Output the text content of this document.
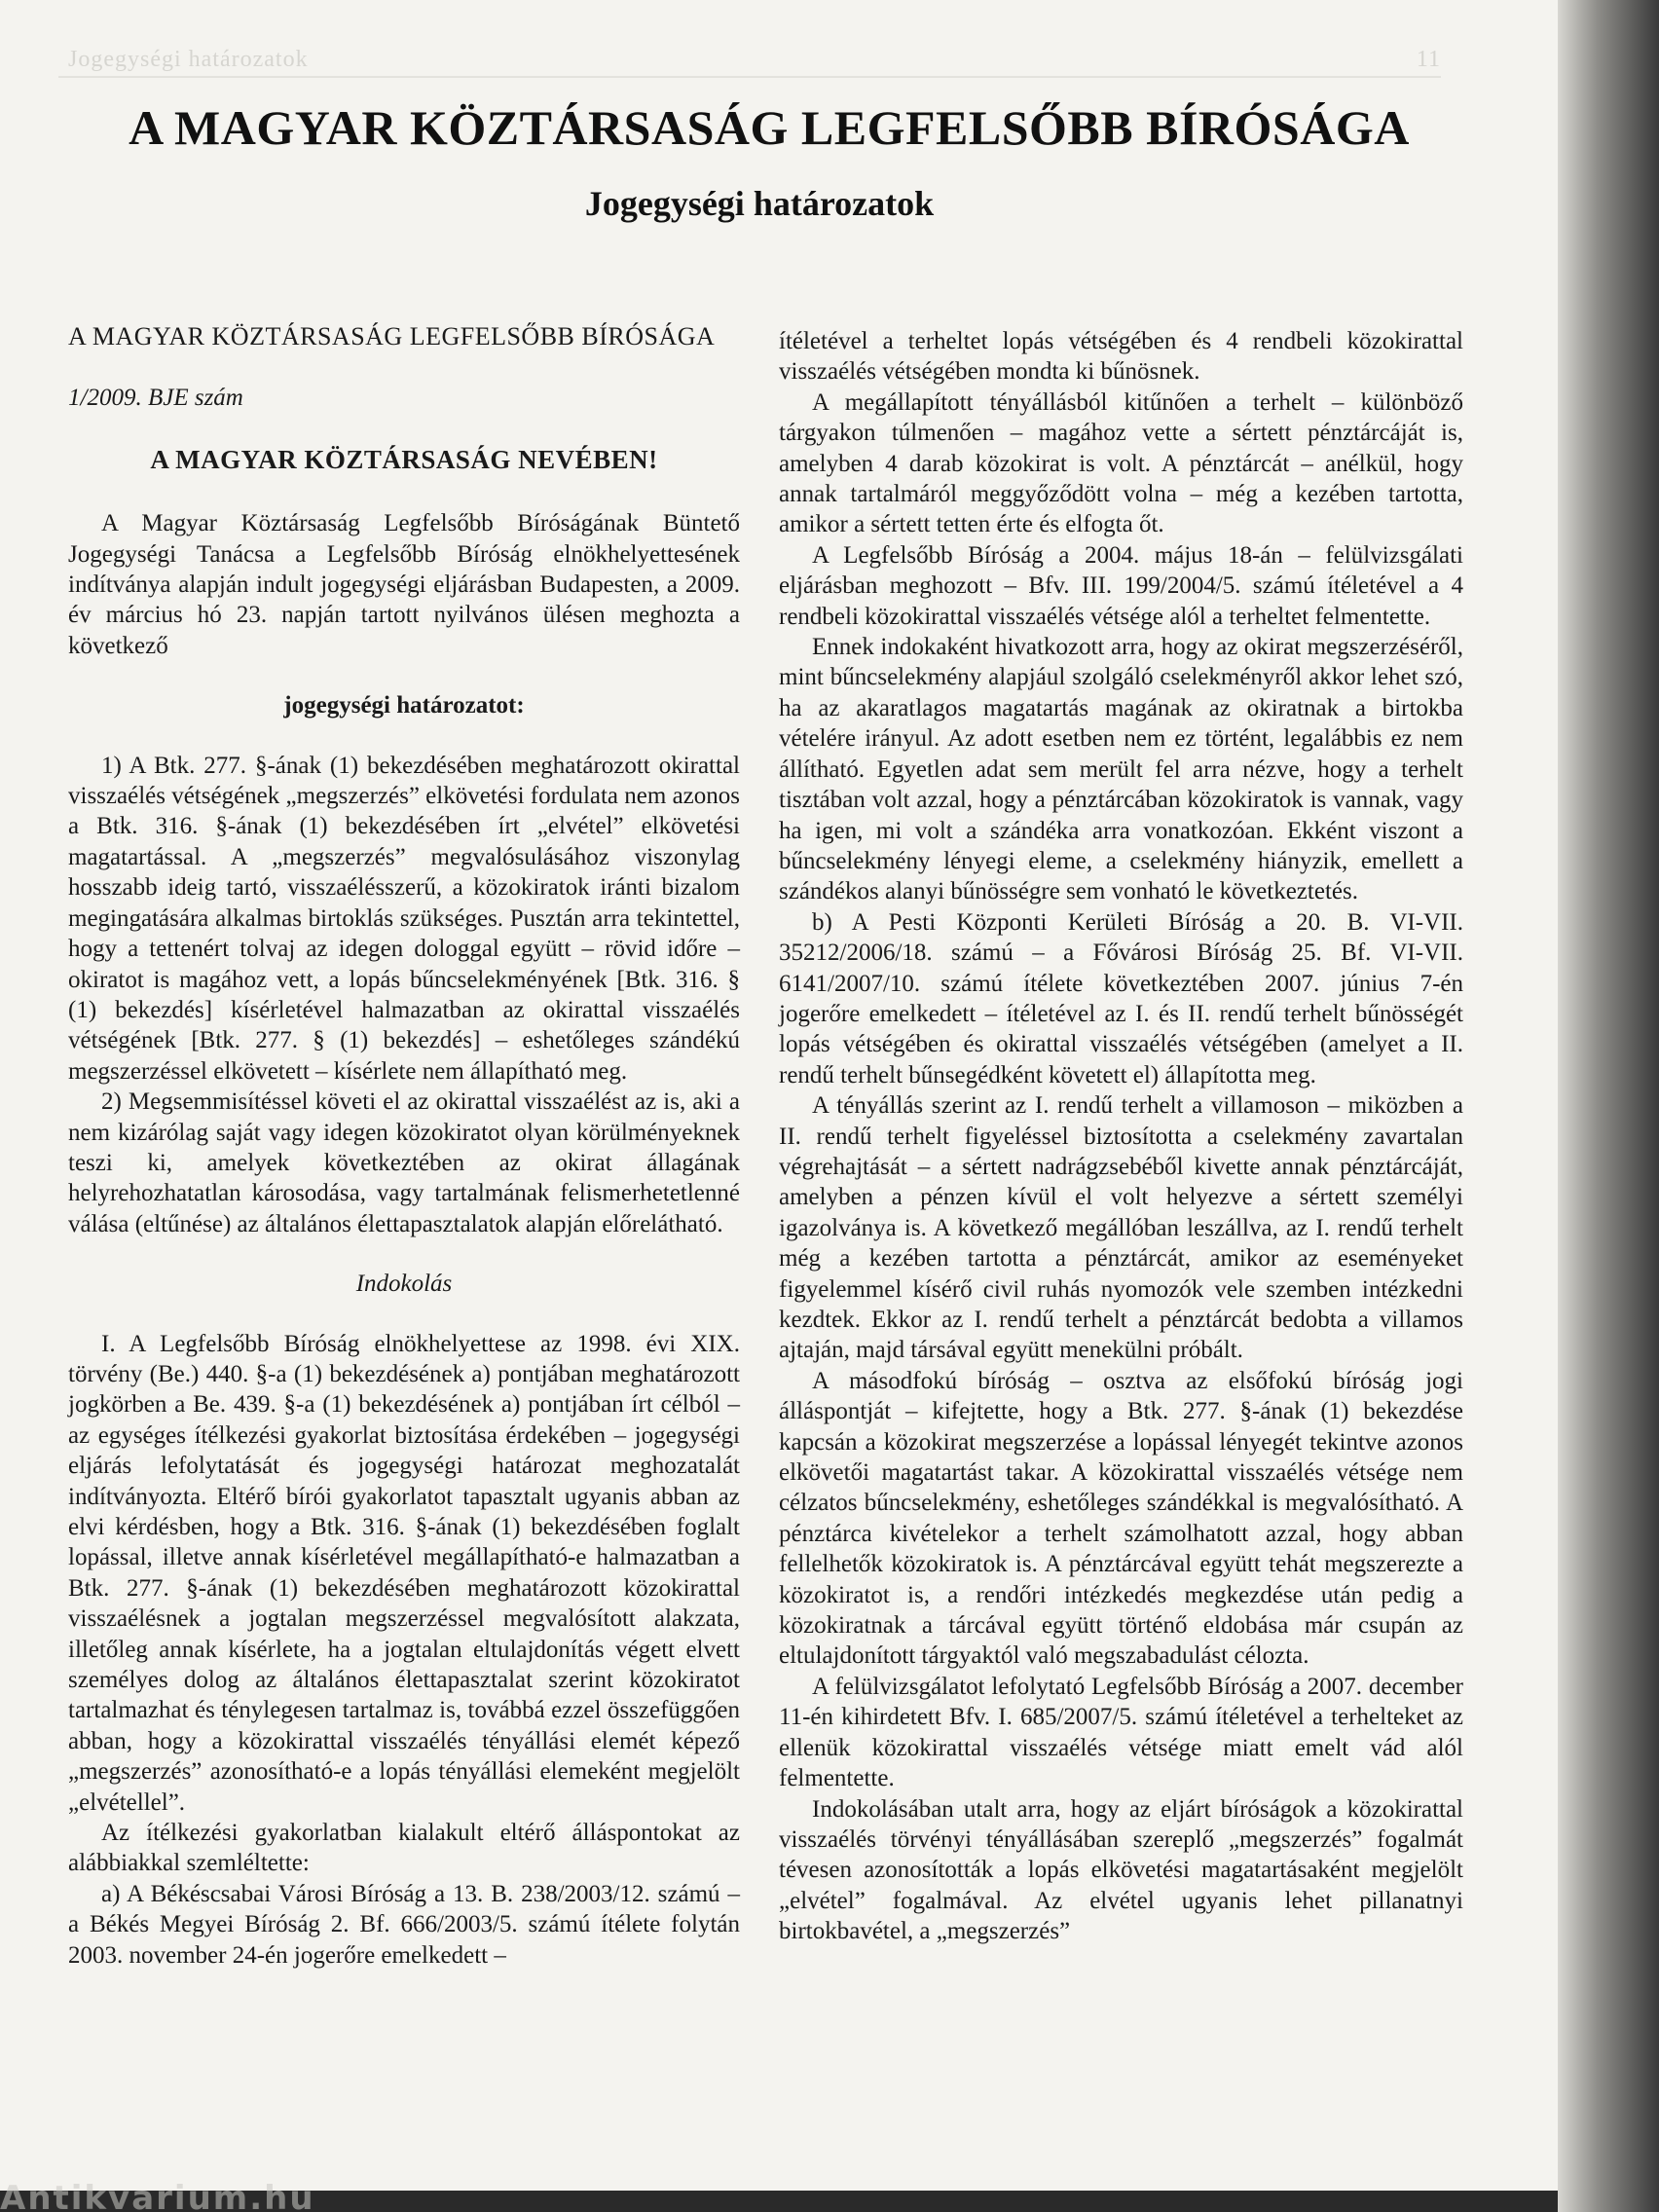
Jogegységi határozatok	11
A MAGYAR KÖZTÁRSASÁG LEGFELSŐBB BÍRÓSÁGA
Jogegységi határozatok

A MAGYAR KÖZTÁRSASÁG LEGFELSŐBB BÍRÓSÁGA

1/2009. BJE szám

A MAGYAR KÖZTÁRSASÁG NEVÉBEN!

A Magyar Köztársaság Legfelsőbb Bíróságának Büntető Jogegységi Tanácsa a Legfelsőbb Bíróság elnökhelyettesének indítványa alapján indult jogegységi eljárásban Budapesten, a 2009. év március hó 23. napján tartott nyilvános ülésen meghozta a következő

jogegységi határozatot:

1) A Btk. 277. §-ának (1) bekezdésében meghatározott okirattal visszaélés vétségének „megszerzés” elkövetési fordulata nem azonos a Btk. 316. §-ának (1) bekezdésében írt „elvétel” elkövetési magatartással. A „megszerzés” megvalósulásához viszonylag hosszabb ideig tartó, visszaélésszerű, a közokiratok iránti bizalom megingatására alkalmas birtoklás szükséges. Pusztán arra tekintettel, hogy a tettenért tolvaj az idegen dologgal együtt – rövid időre – okiratot is magához vett, a lopás bűncselekményének [Btk. 316. § (1) bekezdés] kísérletével halmazatban az okirattal visszaélés vétségének [Btk. 277. § (1) bekezdés] – eshetőleges szándékú megszerzéssel elkövetett – kísérlete nem állapítható meg.

2) Megsemmisítéssel követi el az okirattal visszaélést az is, aki a nem kizárólag saját vagy idegen közokiratot olyan körülményeknek teszi ki, amelyek következtében az okirat állagának helyrehozhatatlan károsodása, vagy tartalmának felismerhetetlenné válása (eltűnése) az általános élettapasztalatok alapján előrelátható.

Indokolás

I. A Legfelsőbb Bíróság elnökhelyettese az 1998. évi XIX. törvény (Be.) 440. §-a (1) bekezdésének a) pontjában meghatározott jogkörben a Be. 439. §-a (1) bekezdésének a) pontjában írt célból – az egységes ítélkezési gyakorlat biztosítása érdekében – jogegységi eljárás lefolytatását és jogegységi határozat meghozatalát indítványozta. Eltérő bírói gyakorlatot tapasztalt ugyanis abban az elvi kérdésben, hogy a Btk. 316. §-ának (1) bekezdésében foglalt lopással, illetve annak kísérletével megállapítható-e halmazatban a Btk. 277. §-ának (1) bekezdésében meghatározott közokirattal visszaélésnek a jogtalan megszerzéssel megvalósított alakzata, illetőleg annak kísérlete, ha a jogtalan eltulajdonítás végett elvett személyes dolog az általános élettapasztalat szerint közokiratot tartalmazhat és ténylegesen tartalmaz is, továbbá ezzel összefüggően abban, hogy a közokirattal visszaélés tényállási elemét képező „megszerzés” azonosítható-e a lopás tényállási elemeként megjelölt „elvétellel”.

Az ítélkezési gyakorlatban kialakult eltérő álláspontokat az alábbiakkal szemléltette:

a) A Békéscsabai Városi Bíróság a 13. B. 238/2003/12. számú – a Békés Megyei Bíróság 2. Bf. 666/2003/5. számú ítélete folytán 2003. november 24-én jogerőre emelkedett –

ítéletével a terheltet lopás vétségében és 4 rendbeli közokirattal visszaélés vétségében mondta ki bűnösnek.

A megállapított tényállásból kitűnően a terhelt – különböző tárgyakon túlmenően – magához vette a sértett pénztárcáját is, amelyben 4 darab közokirat is volt. A pénztárcát – anélkül, hogy annak tartalmáról meggyőződött volna – még a kezében tartotta, amikor a sértett tetten érte és elfogta őt.

A Legfelsőbb Bíróság a 2004. május 18-án – felülvizsgálati eljárásban meghozott – Bfv. III. 199/2004/5. számú ítéletével a 4 rendbeli közokirattal visszaélés vétsége alól a terheltet felmentette.

Ennek indokaként hivatkozott arra, hogy az okirat megszerzéséről, mint bűncselekmény alapjául szolgáló cselekményről akkor lehet szó, ha az akaratlagos magatartás magának az okiratnak a birtokba vételére irányul. Az adott esetben nem ez történt, legalábbis ez nem állítható. Egyetlen adat sem merült fel arra nézve, hogy a terhelt tisztában volt azzal, hogy a pénztárcában közokiratok is vannak, vagy ha igen, mi volt a szándéka arra vonatkozóan. Ekként viszont a bűncselekmény lényegi eleme, a cselekmény hiányzik, emellett a szándékos alanyi bűnösségre sem vonható le következtetés.

b) A Pesti Központi Kerületi Bíróság a 20. B. VI-VII. 35212/2006/18. számú – a Fővárosi Bíróság 25. Bf. VI-VII. 6141/2007/10. számú ítélete következtében 2007. június 7-én jogerőre emelkedett – ítéletével az I. és II. rendű terhelt bűnösségét lopás vétségében és okirattal visszaélés vétségében (amelyet a II. rendű terhelt bűnsegédként követett el) állapította meg.

A tényállás szerint az I. rendű terhelt a villamoson – miközben a II. rendű terhelt figyeléssel biztosította a cselekmény zavartalan végrehajtását – a sértett nadrágzsebéből kivette annak pénztárcáját, amelyben a pénzen kívül el volt helyezve a sértett személyi igazolványa is. A következő megállóban leszállva, az I. rendű terhelt még a kezében tartotta a pénztárcát, amikor az eseményeket figyelemmel kísérő civil ruhás nyomozók vele szemben intézkedni kezdtek. Ekkor az I. rendű terhelt a pénztárcát bedobta a villamos ajtaján, majd társával együtt menekülni próbált.

A másodfokú bíróság – osztva az elsőfokú bíróság jogi álláspontját – kifejtette, hogy a Btk. 277. §-ának (1) bekezdése kapcsán a közokirat megszerzése a lopással lényegét tekintve azonos elkövetői magatartást takar. A közokirattal visszaélés vétsége nem célzatos bűncselekmény, eshetőleges szándékkal is megvalósítható. A pénztárca kivételekor a terhelt számolhatott azzal, hogy abban fellelhetők közokiratok is. A pénztárcával együtt tehát megszerezte a közokiratot is, a rendőri intézkedés megkezdése után pedig a közokiratnak a tárcával együtt történő eldobása már csupán az eltulajdonított tárgyaktól való megszabadulást célozta.

A felülvizsgálatot lefolytató Legfelsőbb Bíróság a 2007. december 11-én kihirdetett Bfv. I. 685/2007/5. számú ítéletével a terhelteket az ellenük közokirattal visszaélés vétsége miatt emelt vád alól felmentette.

Indokolásában utalt arra, hogy az eljárt bíróságok a közokirattal visszaélés törvényi tényállásában szereplő „megszerzés” fogalmát tévesen azonosították a lopás elkövetési magatartásaként megjelölt „elvétel” fogalmával. Az elvétel ugyanis lehet pillanatnyi birtokbavétel, a „megszerzés”

Antikvarium.hu
